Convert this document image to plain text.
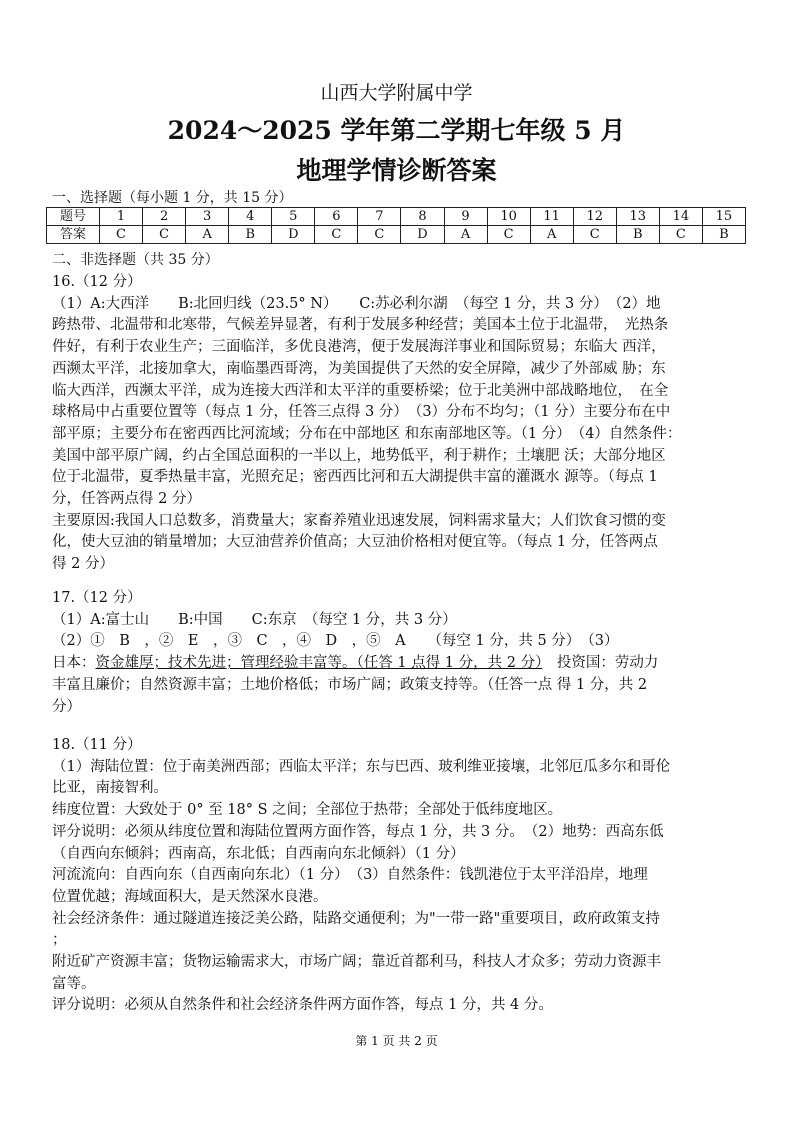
山西大学附属中学
2024～2025 学年第二学期七年级 5 月
地理学情诊断答案
一、选择题（每小题 1 分，共 15 分）
题号	1	2	3	4	5	6	7	8	9	10	11	12	13	14	15
答案	C	C	A	B	D	C	C	D	A	C	A	C	B	C	B
二、非选择题（共 35 分）

16.（12 分）

（1）A:大西洋　　B:北回归线（23.5° N）　　C:苏必利尔湖　（每空 1 分，共 3 分）　（2）地

跨热带、北温带和北寒带，气候差异显著，有利于发展多种经营；美国本土位于北温带，　光热条

件好，有利于农业生产；三面临洋，多优良港湾，便于发展海洋事业和国际贸易；东临大 西洋，

西濒太平洋，北接加拿大，南临墨西哥湾，为美国提供了天然的安全屏障，减少了外部威 胁；东

临大西洋，西濒太平洋，成为连接大西洋和太平洋的重要桥梁；位于北美洲中部战略地位，　在全

球格局中占重要位置等（每点 1 分，任答三点得 3 分）　（3）分布不均匀；（1 分）主要分布在中

部平原；主要分布在密西西比河流域；分布在中部地区 和东南部地区等。（1 分）　（4）自然条件：

美国中部平原广阔，约占全国总面积的一半以上，地势低平，利于耕作；土壤肥 沃；大部分地区

位于北温带，夏季热量丰富，光照充足；密西西比河和五大湖提供丰富的灌溉水 源等。（每点 1

分，任答两点得 2 分）

主要原因:我国人口总数多，消费量大；家畜养殖业迅速发展，饲料需求量大；人们饮食习惯的变

化，使大豆油的销量增加；大豆油营养价值高；大豆油价格相对便宜等。（每点 1 分，任答两点

得 2 分）

17.（12 分）

（1）A:富士山　　B:中国　　C:东京　（每空 1 分，共 3 分）

（2）①　B　，②　E　，③　C　，④　D　，⑤　A　　（每空 1 分，共 5 分）　（3）

日本：资金雄厚；技术先进；管理经验丰富等。（任答 1 点得 1 分，共 2 分）　投资国：劳动力

丰富且廉价；自然资源丰富；土地价格低；市场广阔；政策支持等。（任答一点 得 1 分，共 2

分）

18.（11 分）

（1）海陆位置：位于南美洲西部；西临太平洋；东与巴西、玻利维亚接壤，北邻厄瓜多尔和哥伦

比亚，南接智利。

纬度位置：大致处于 0° 至 18° S 之间；全部位于热带；全部处于低纬度地区。

评分说明：必须从纬度位置和海陆位置两方面作答，每点 1 分，共 3 分。　（2）地势：西高东低

（自西向东倾斜；西南高，东北低；自西南向东北倾斜）（1 分）

河流流向：自西向东（自西南向东北）（1 分）　（3）自然条件：钱凯港位于太平洋沿岸，地理

位置优越；海域面积大，是天然深水良港。

社会经济条件：通过隧道连接泛美公路，陆路交通便利；为"一带一路"重要项目，政府政策支持

；

附近矿产资源丰富；货物运输需求大，市场广阔；靠近首都利马，科技人才众多；劳动力资源丰

富等。

评分说明：必须从自然条件和社会经济条件两方面作答，每点 1 分，共 4 分。

第 1 页 共 2 页
